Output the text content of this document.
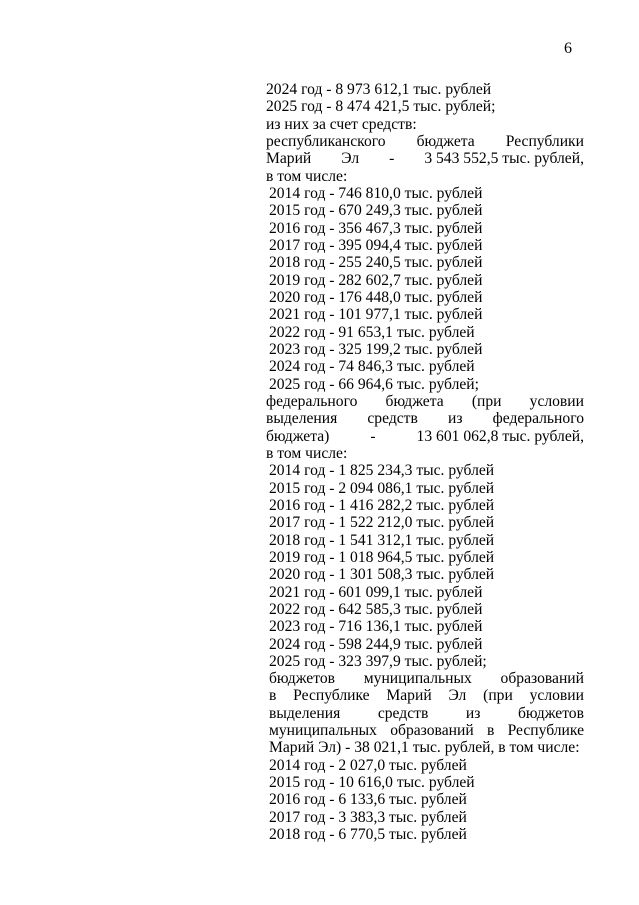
6
2024 год - 8 973 612,1 тыс. рублей
2025 год - 8 474 421,5 тыс. рублей;
из них за счет средств:
республиканского бюджета Республики
Марий Эл - 3 543 552,5 тыс. рублей,
в том числе:
2014 год - 746 810,0 тыс. рублей
2015 год - 670 249,3 тыс. рублей
2016 год - 356 467,3 тыс. рублей
2017 год - 395 094,4 тыс. рублей
2018 год - 255 240,5 тыс. рублей
2019 год - 282 602,7 тыс. рублей
2020 год - 176 448,0 тыс. рублей
2021 год - 101 977,1 тыс. рублей
2022 год - 91 653,1 тыс. рублей
2023 год - 325 199,2 тыс. рублей
2024 год - 74 846,3 тыс. рублей
2025 год - 66 964,6 тыс. рублей;
федерального бюджета (при условии
выделения средств из федерального
бюджета)	-	13 601 062,8 тыс. рублей,
в том числе:
2014 год - 1 825 234,3 тыс. рублей
2015 год - 2 094 086,1 тыс. рублей
2016 год - 1 416 282,2 тыс. рублей
2017 год - 1 522 212,0 тыс. рублей
2018 год - 1 541 312,1 тыс. рублей
2019 год - 1 018 964,5 тыс. рублей
2020 год - 1 301 508,3 тыс. рублей
2021 год - 601 099,1 тыс. рублей
2022 год - 642 585,3 тыс. рублей
2023 год - 716 136,1 тыс. рублей
2024 год - 598 244,9 тыс. рублей
2025 год - 323 397,9 тыс. рублей;
бюджетов муниципальных образований
в Республике Марий Эл (при условии
выделения средств из бюджетов
муниципальных образований в Республике
Марий Эл) - 38 021,1 тыс. рублей, в том числе:
2014 год - 2 027,0 тыс. рублей
2015 год - 10 616,0 тыс. рублей
2016 год - 6 133,6 тыс. рублей
2017 год - 3 383,3 тыс. рублей
2018 год - 6 770,5 тыс. рублей
